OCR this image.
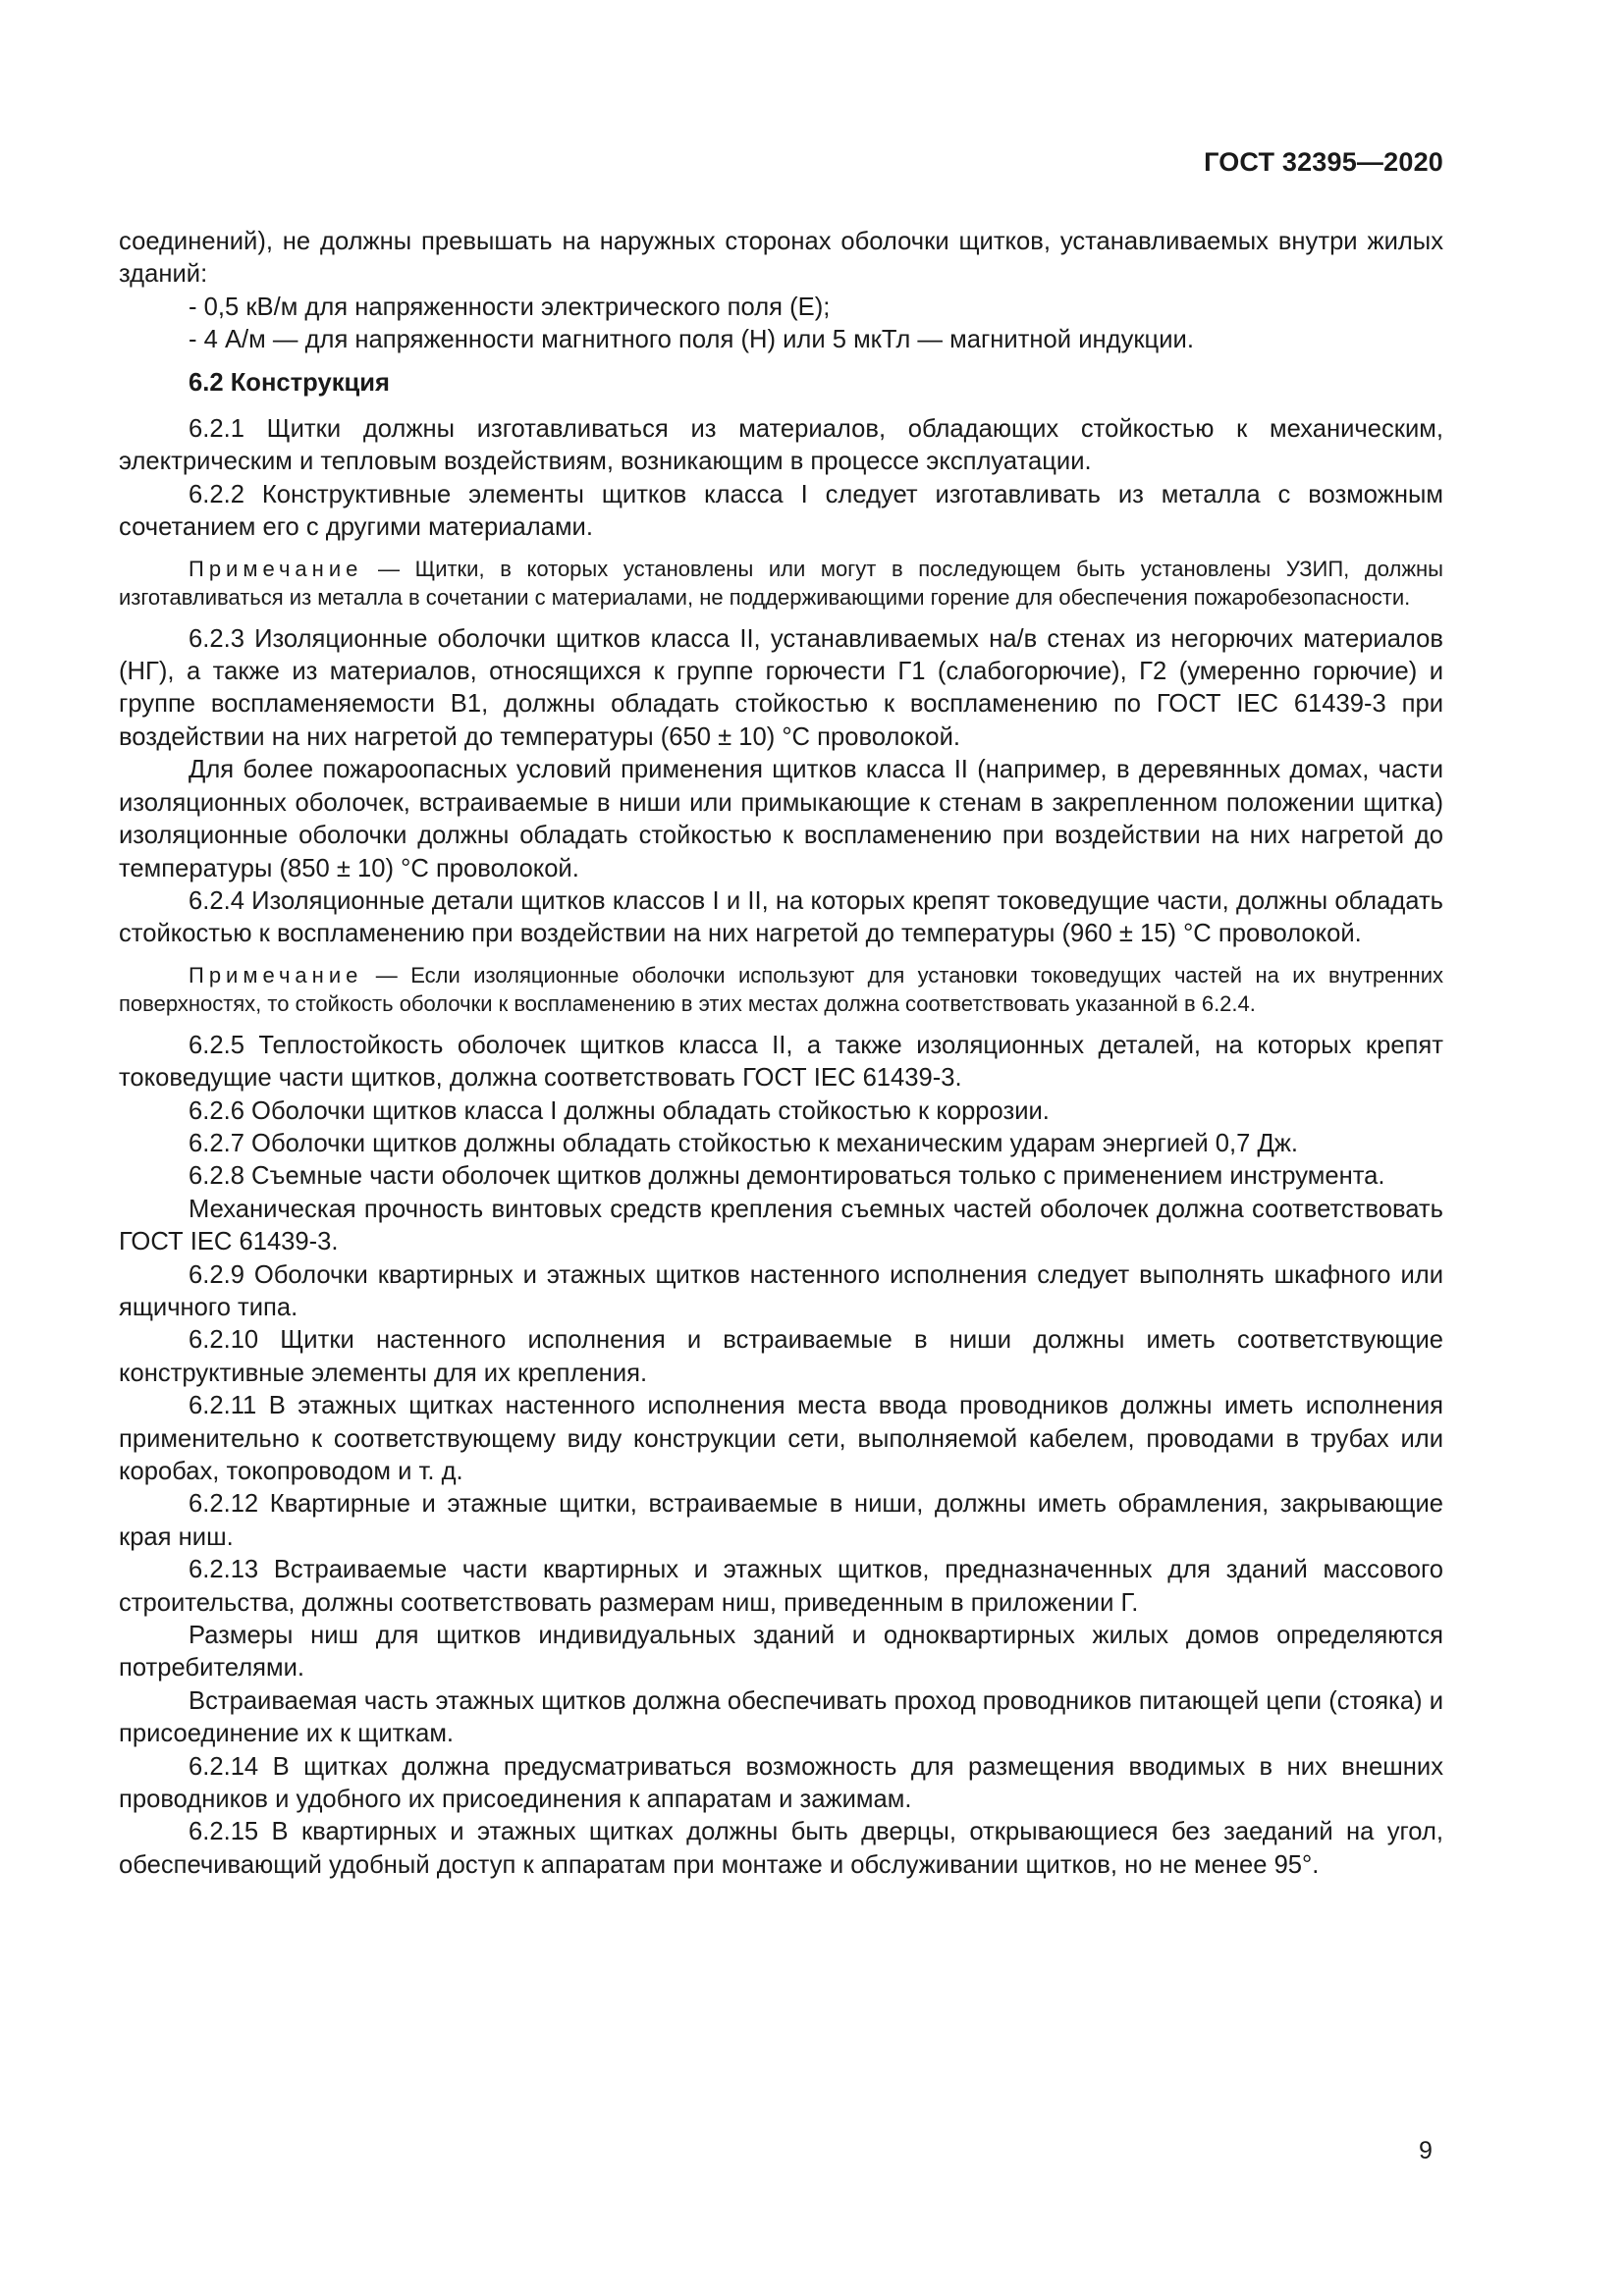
ГОСТ 32395—2020

соединений), не должны превышать на наружных сторонах оболочки щитков, устанавливаемых внутри жилых зданий:

- 0,5 кВ/м для напряженности электрического поля (Е);

- 4 А/м — для напряженности магнитного поля (Н) или 5 мкТл — магнитной индукции.

6.2 Конструкция

6.2.1 Щитки должны изготавливаться из материалов, обладающих стойкостью к механическим, электрическим и тепловым воздействиям, возникающим в процессе эксплуатации.

6.2.2 Конструктивные элементы щитков класса I следует изготавливать из металла с возможным сочетанием его с другими материалами.

Примечание — Щитки, в которых установлены или могут в последующем быть установлены УЗИП, должны изготавливаться из металла в сочетании с материалами, не поддерживающими горение для обеспечения пожаробезопасности.

6.2.3 Изоляционные оболочки щитков класса II, устанавливаемых на/в стенах из негорючих материалов (НГ), а также из материалов, относящихся к группе горючести Г1 (слабогорючие), Г2 (умеренно горючие) и группе воспламеняемости В1, должны обладать стойкостью к воспламенению по ГОСТ IEC 61439-3 при воздействии на них нагретой до температуры (650 ± 10) °С проволокой.

Для более пожароопасных условий применения щитков класса II (например, в деревянных домах, части изоляционных оболочек, встраиваемые в ниши или примыкающие к стенам в закрепленном положении щитка) изоляционные оболочки должны обладать стойкостью к воспламенению при воздействии на них нагретой до температуры (850 ± 10) °С проволокой.

6.2.4 Изоляционные детали щитков классов I и II, на которых крепят токоведущие части, должны обладать стойкостью к воспламенению при воздействии на них нагретой до температуры (960 ± 15) °С проволокой.

Примечание — Если изоляционные оболочки используют для установки токоведущих частей на их внутренних поверхностях, то стойкость оболочки к воспламенению в этих местах должна соответствовать указанной в 6.2.4.

6.2.5 Теплостойкость оболочек щитков класса II, а также изоляционных деталей, на которых крепят токоведущие части щитков, должна соответствовать ГОСТ IEC 61439-3.

6.2.6 Оболочки щитков класса I должны обладать стойкостью к коррозии.

6.2.7 Оболочки щитков должны обладать стойкостью к механическим ударам энергией 0,7 Дж.

6.2.8 Съемные части оболочек щитков должны демонтироваться только с применением инструмента.

Механическая прочность винтовых средств крепления съемных частей оболочек должна соответствовать ГОСТ IEC 61439-3.

6.2.9 Оболочки квартирных и этажных щитков настенного исполнения следует выполнять шкафного или ящичного типа.

6.2.10 Щитки настенного исполнения и встраиваемые в ниши должны иметь соответствующие конструктивные элементы для их крепления.

6.2.11 В этажных щитках настенного исполнения места ввода проводников должны иметь исполнения применительно к соответствующему виду конструкции сети, выполняемой кабелем, проводами в трубах или коробах, токопроводом и т. д.

6.2.12 Квартирные и этажные щитки, встраиваемые в ниши, должны иметь обрамления, закрывающие края ниш.

6.2.13 Встраиваемые части квартирных и этажных щитков, предназначенных для зданий массового строительства, должны соответствовать размерам ниш, приведенным в приложении Г.

Размеры ниш для щитков индивидуальных зданий и одноквартирных жилых домов определяются потребителями.

Встраиваемая часть этажных щитков должна обеспечивать проход проводников питающей цепи (стояка) и присоединение их к щиткам.

6.2.14 В щитках должна предусматриваться возможность для размещения вводимых в них внешних проводников и удобного их присоединения к аппаратам и зажимам.

6.2.15 В квартирных и этажных щитках должны быть дверцы, открывающиеся без заеданий на угол, обеспечивающий удобный доступ к аппаратам при монтаже и обслуживании щитков, но не менее 95°.

9
